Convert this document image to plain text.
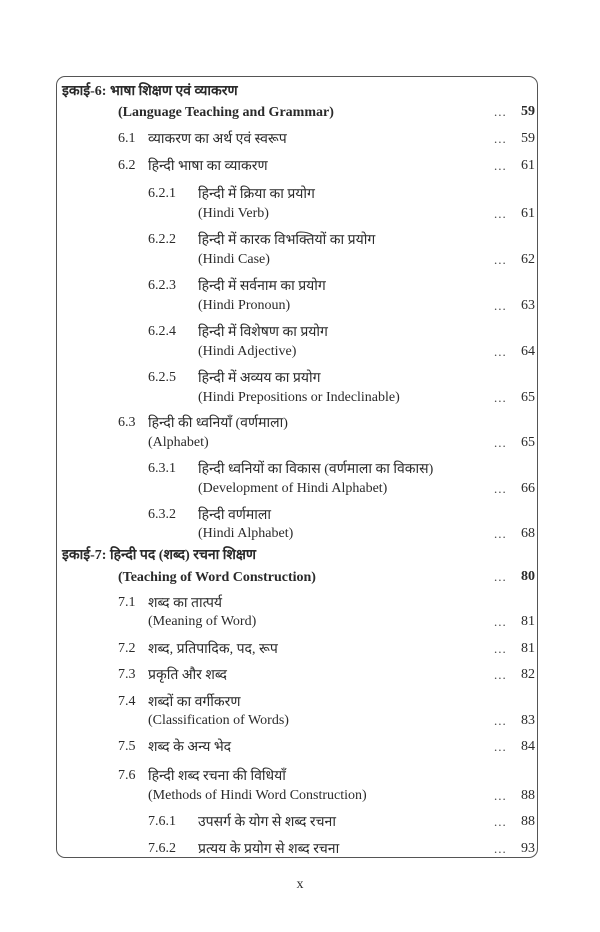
इकाई-6: भाषा शिक्षण एवं व्याकरण
(Language Teaching and Grammar)	...	59
6.1 व्याकरण का अर्थ एवं स्वरूप	...	59
6.2 हिन्दी भाषा का व्याकरण	...	61
6.2.1 हिन्दी में क्रिया का प्रयोग
(Hindi Verb)	...	61
6.2.2 हिन्दी में कारक विभक्तियों का प्रयोग
(Hindi Case)	...	62
6.2.3 हिन्दी में सर्वनाम का प्रयोग
(Hindi Pronoun)	...	63
6.2.4 हिन्दी में विशेषण का प्रयोग
(Hindi Adjective)	...	64
6.2.5 हिन्दी में अव्यय का प्रयोग
(Hindi Prepositions or Indeclinable)	...	65
6.3 हिन्दी की ध्वनियाँ (वर्णमाला)
(Alphabet)	...	65
6.3.1 हिन्दी ध्वनियों का विकास (वर्णमाला का विकास)
(Development of Hindi Alphabet)	...	66
6.3.2 हिन्दी वर्णमाला
(Hindi Alphabet)	...	68
इकाई-7: हिन्दी पद (शब्द) रचना शिक्षण
(Teaching of Word Construction)	...	80
7.1 शब्द का तात्पर्य
(Meaning of Word)	...	81
7.2 शब्द, प्रतिपादिक, पद, रूप	...	81
7.3 प्रकृति और शब्द	...	82
7.4 शब्दों का वर्गीकरण
(Classification of Words)	...	83
7.5 शब्द के अन्य भेद	...	84
7.6 हिन्दी शब्द रचना की विधियाँ
(Methods of Hindi Word Construction)	...	88
7.6.1 उपसर्ग के योग से शब्द रचना	...	88
7.6.2 प्रत्यय के प्रयोग से शब्द रचना	...	93
x
